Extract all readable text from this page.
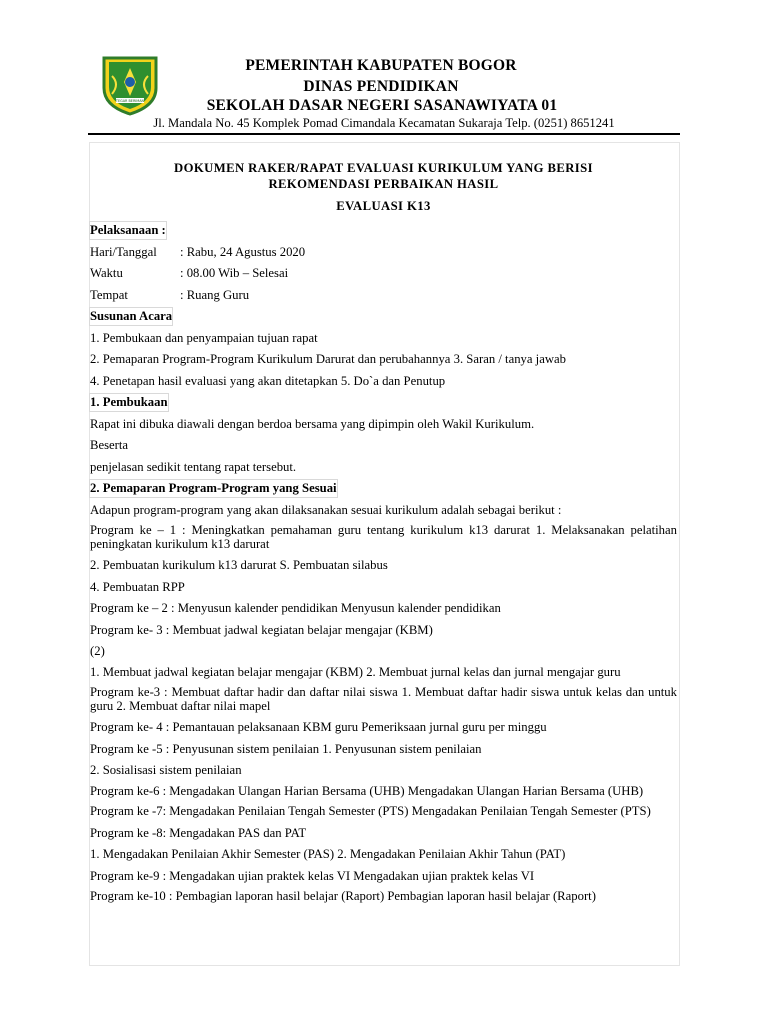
TEGAR BERIMAN
PEMERINTAH KABUPATEN BOGOR
DINAS PENDIDIKAN
SEKOLAH DASAR NEGERI SASANAWIYATA 01
Jl. Mandala No. 45 Komplek Pomad Cimandala Kecamatan Sukaraja Telp. (0251) 8651241
DOKUMEN RAKER/RAPAT EVALUASI KURIKULUM YANG BERISI
REKOMENDASI PERBAIKAN HASIL
EVALUASI K13
Pelaksanaan :
Hari/Tanggal	: Rabu, 24 Agustus 2020
Waktu	: 08.00 Wib – Selesai
Tempat	: Ruang Guru
Susunan Acara
1. Pembukaan dan penyampaian tujuan rapat
2. Pemaparan Program-Program Kurikulum Darurat dan perubahannya 3. Saran / tanya jawab
4. Penetapan hasil evaluasi yang akan ditetapkan 5. Do`a dan Penutup
1. Pembukaan
Rapat ini dibuka diawali dengan berdoa bersama yang dipimpin oleh Wakil Kurikulum.
Beserta
penjelasan sedikit tentang rapat tersebut.
2. Pemaparan Program-Program yang Sesuai
Adapun program-program yang akan dilaksanakan sesuai kurikulum adalah sebagai berikut :
Program ke – 1 : Meningkatkan pemahaman guru tentang kurikulum k13 darurat 1. Melaksanakan pelatihan peningkatan kurikulum k13 darurat
2. Pembuatan kurikulum k13 darurat S. Pembuatan silabus
4. Pembuatan RPP
Program ke – 2 : Menyusun kalender pendidikan Menyusun kalender pendidikan
Program ke- 3 : Membuat jadwal kegiatan belajar mengajar (KBM)
(2)
1. Membuat jadwal kegiatan belajar mengajar (KBM) 2. Membuat jurnal kelas dan jurnal mengajar guru
Program ke-3 : Membuat daftar hadir dan daftar nilai siswa 1. Membuat daftar hadir siswa untuk kelas dan untuk guru 2. Membuat daftar nilai mapel
Program ke- 4 : Pemantauan pelaksanaan KBM guru Pemeriksaan jurnal guru per minggu
Program ke -5 : Penyusunan sistem penilaian 1. Penyusunan sistem penilaian
2. Sosialisasi sistem penilaian
Program ke-6 : Mengadakan Ulangan Harian Bersama (UHB) Mengadakan Ulangan Harian Bersama (UHB)
Program ke -7: Mengadakan Penilaian Tengah Semester (PTS) Mengadakan Penilaian Tengah Semester (PTS)
Program ke -8: Mengadakan PAS dan PAT
1. Mengadakan Penilaian Akhir Semester (PAS) 2. Mengadakan Penilaian Akhir Tahun (PAT)
Program ke-9 : Mengadakan ujian praktek kelas VI Mengadakan ujian praktek kelas VI
Program ke-10 : Pembagian laporan hasil belajar (Raport) Pembagian laporan hasil belajar (Raport)
